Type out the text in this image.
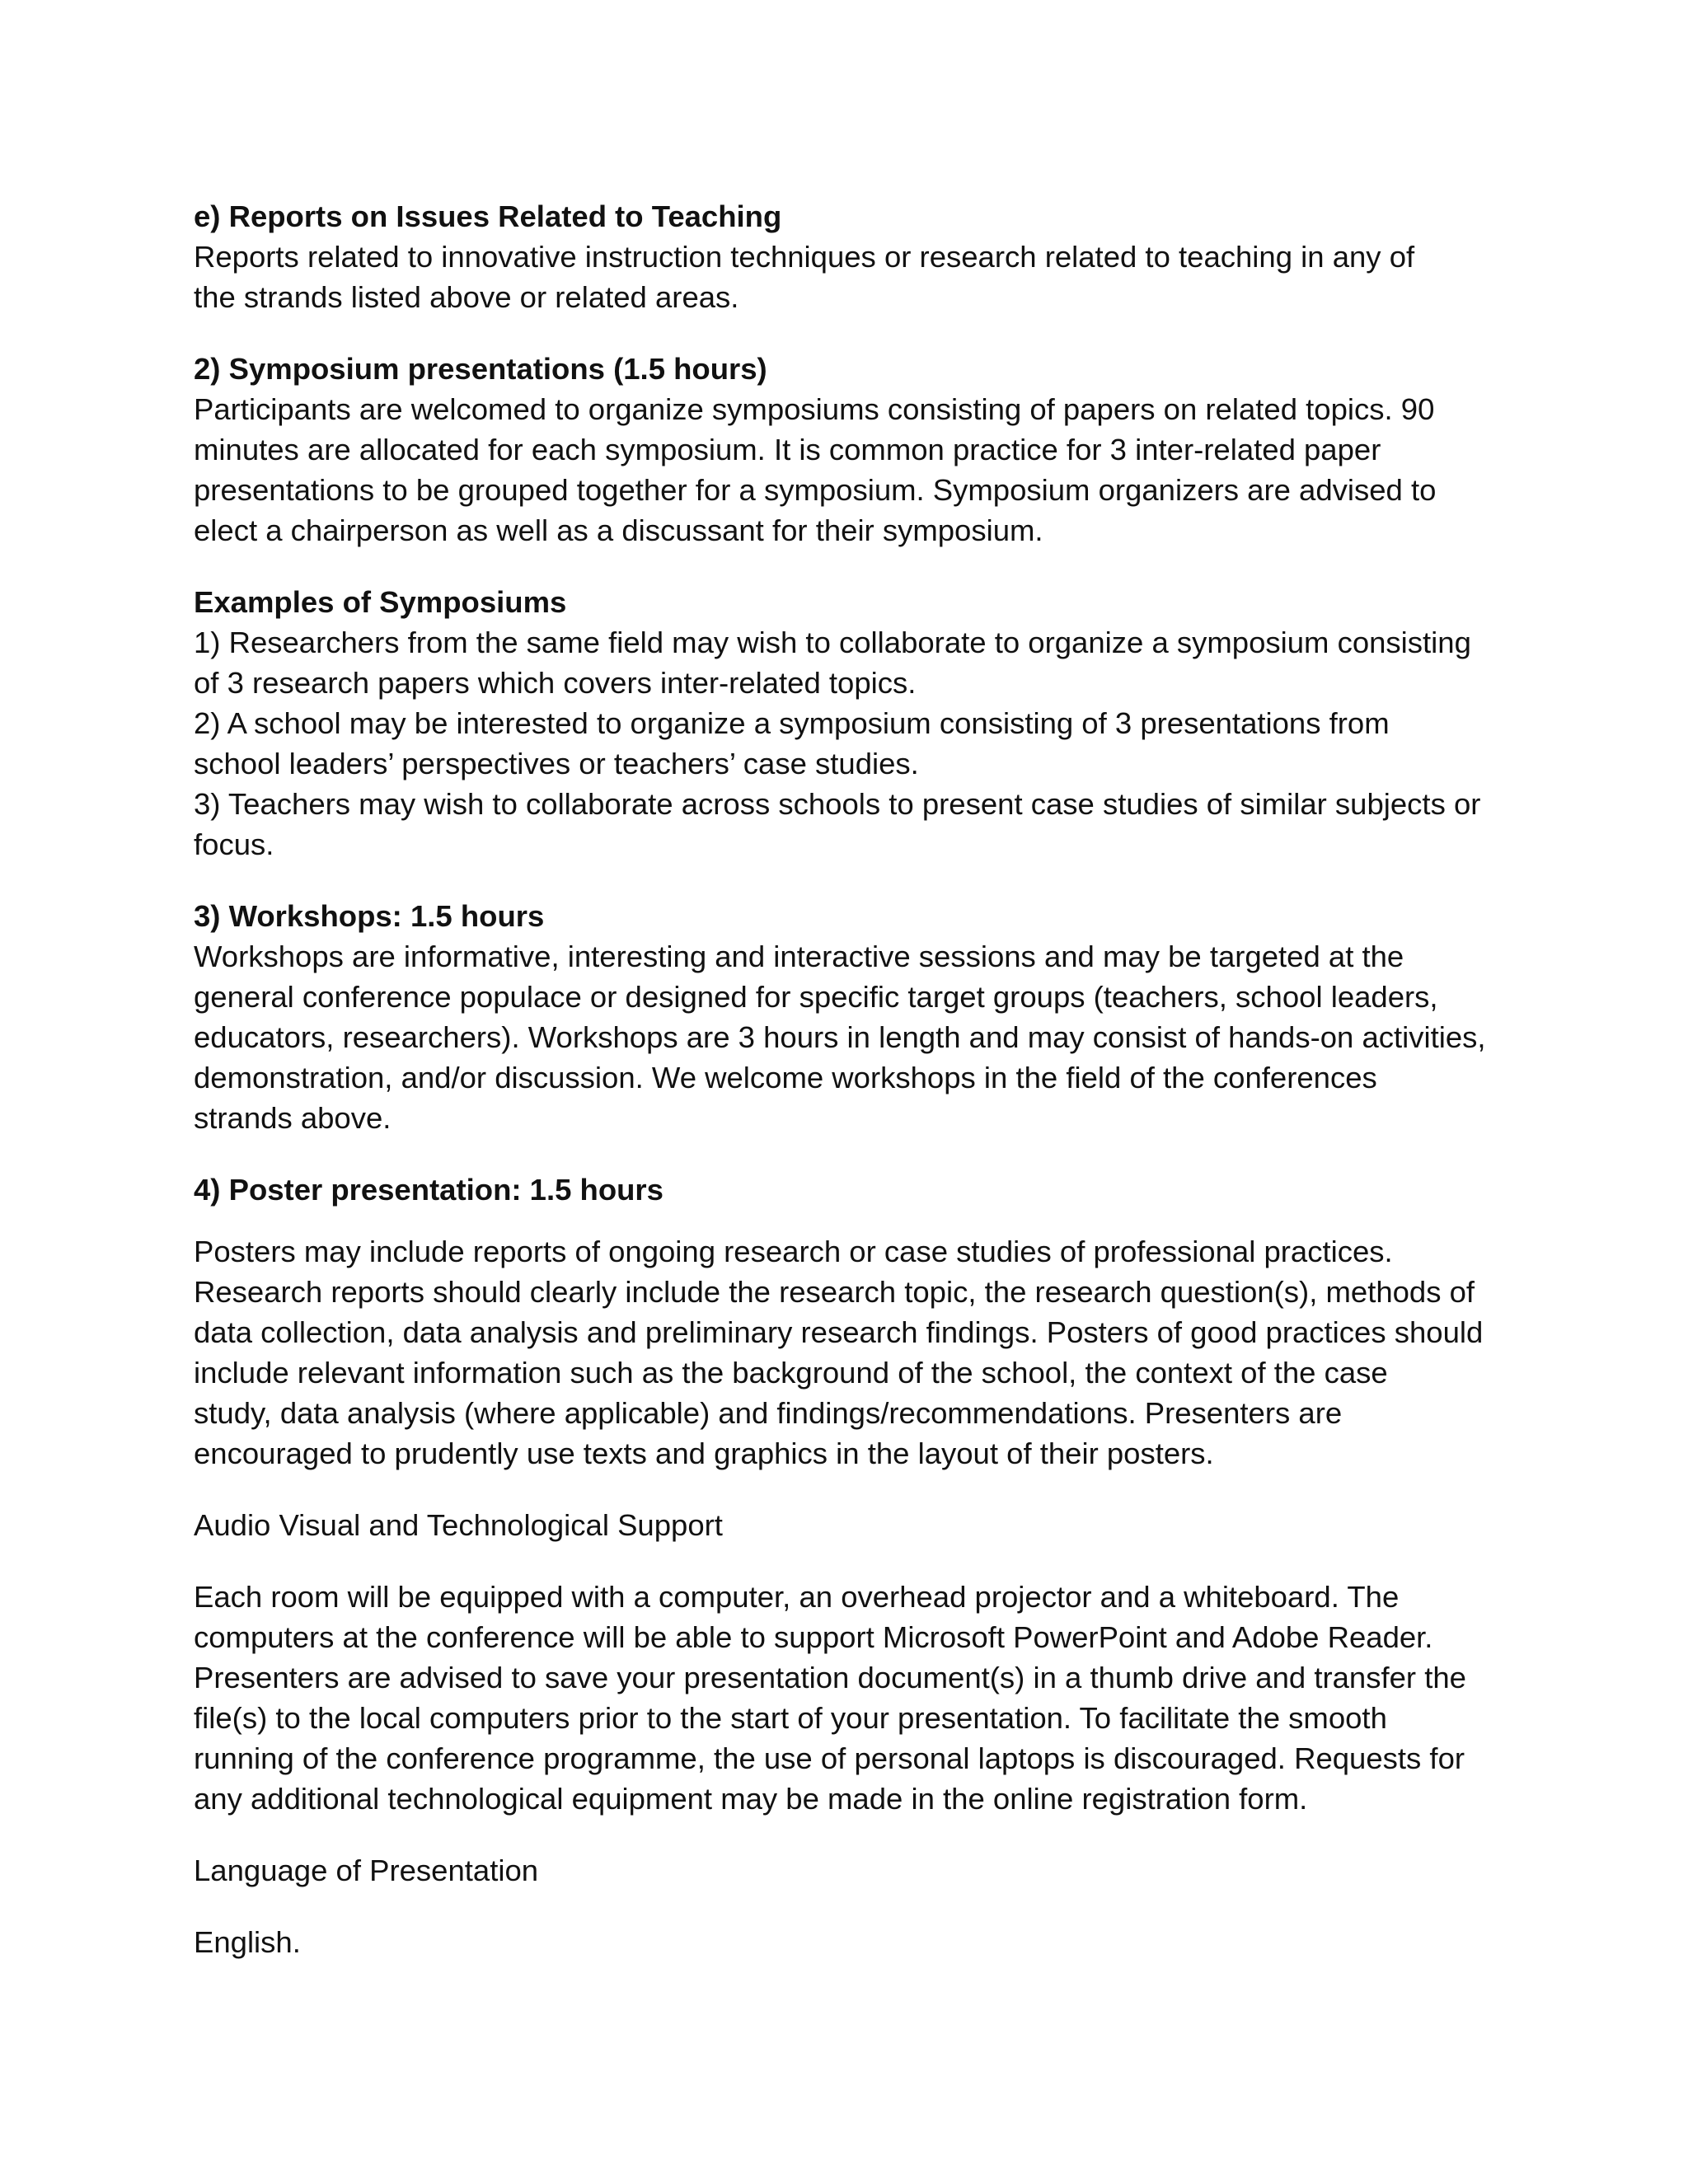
e) Reports on Issues Related to Teaching
Reports related to innovative instruction techniques or research related to teaching in any of
the strands listed above or related areas.
2) Symposium presentations (1.5 hours)
Participants are welcomed to organize symposiums consisting of papers on related topics. 90
minutes are allocated for each symposium. It is common practice for 3 inter-related paper
presentations to be grouped together for a symposium. Symposium organizers are advised to
elect a chairperson as well as a discussant for their symposium.
Examples of Symposiums
1) Researchers from the same field may wish to collaborate to organize a symposium consisting
of 3 research papers which covers inter-related topics.
2) A school may be interested to organize a symposium consisting of 3 presentations from
school leaders’ perspectives or teachers’ case studies.
3) Teachers may wish to collaborate across schools to present case studies of similar subjects or
focus.
3) Workshops: 1.5 hours
Workshops are informative, interesting and interactive sessions and may be targeted at the
general conference populace or designed for specific target groups (teachers, school leaders,
educators, researchers). Workshops are 3 hours in length and may consist of hands-on activities,
demonstration, and/or discussion. We welcome workshops in the field of the conferences
strands above.
4) Poster presentation: 1.5 hours
Posters may include reports of ongoing research or case studies of professional practices.
Research reports should clearly include the research topic, the research question(s), methods of
data collection, data analysis and preliminary research findings. Posters of good practices should
include relevant information such as the background of the school, the context of the case
study, data analysis (where applicable) and findings/recommendations. Presenters are
encouraged to prudently use texts and graphics in the layout of their posters.
Audio Visual and Technological Support
Each room will be equipped with a computer, an overhead projector and a whiteboard. The
computers at the conference will be able to support Microsoft PowerPoint and Adobe Reader.
Presenters are advised to save your presentation document(s) in a thumb drive and transfer the
file(s) to the local computers prior to the start of your presentation. To facilitate the smooth
running of the conference programme, the use of personal laptops is discouraged. Requests for
any additional technological equipment may be made in the online registration form.
Language of Presentation
English.
